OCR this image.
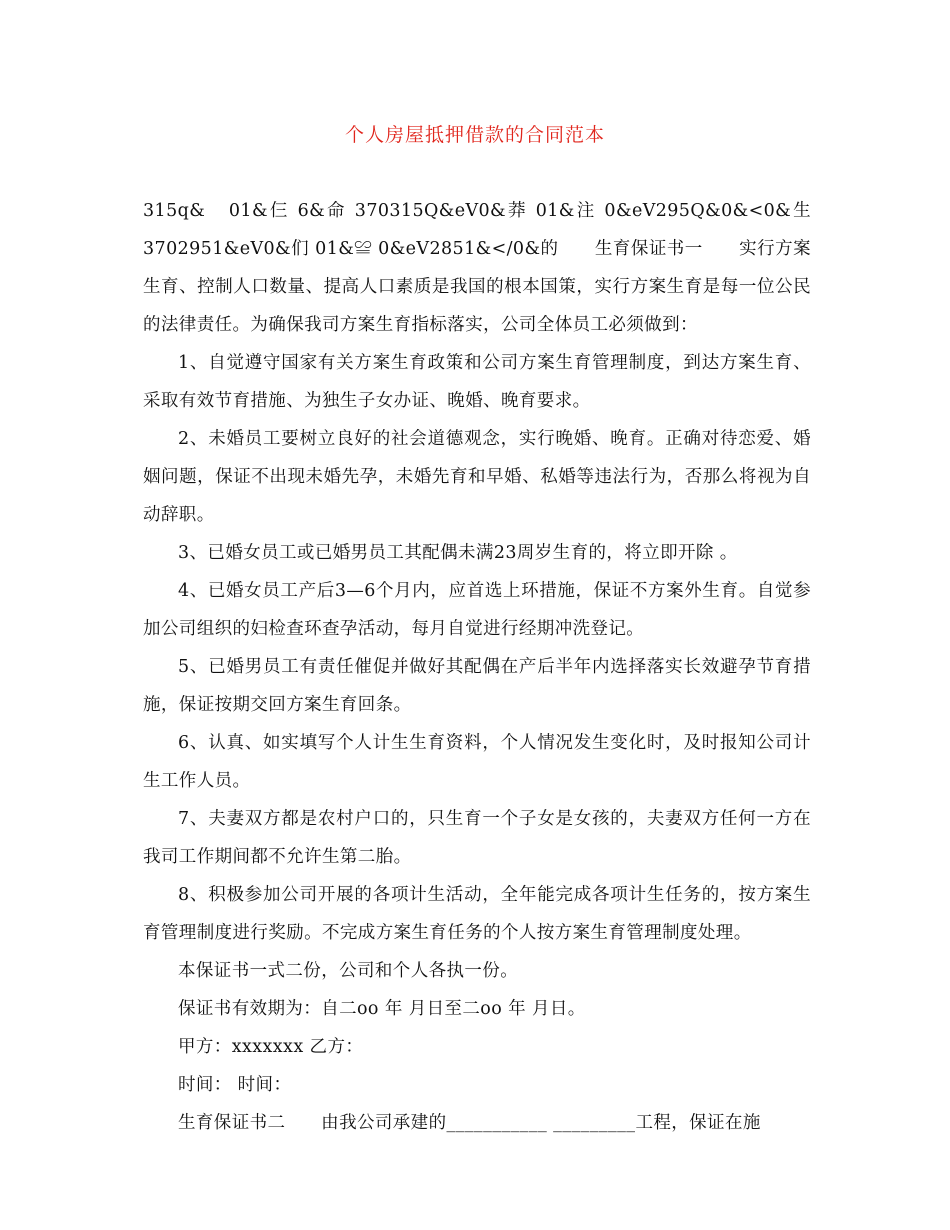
个人房屋抵押借款的合同范本

315q&   01&仨 6&命 370315Q&eV0&莽 01&注 0&eV295Q&0&<0&生 3702951&eV0&们 01&≌ 0&eV2851&</0&的      生育保证书一      实行方案生育、控制人口数量、提高人口素质是我国的根本国策，实行方案生育是每一位公民的法律责任。为确保我司方案生育指标落实，公司全体员工必须做到：

1、自觉遵守国家有关方案生育政策和公司方案生育管理制度，到达方案生育、采取有效节育措施、为独生子女办证、晚婚、晚育要求。

2、未婚员工要树立良好的社会道德观念，实行晚婚、晚育。正确对待恋爱、婚姻问题，保证不出现未婚先孕，未婚先育和早婚、私婚等违法行为，否那么将视为自动辞职。

3、已婚女员工或已婚男员工其配偶未满23周岁生育的，将立即开除 。

4、已婚女员工产后3—6个月内，应首选上环措施，保证不方案外生育。自觉参加公司组织的妇检查环查孕活动，每月自觉进行经期冲洗登记。

5、已婚男员工有责任催促并做好其配偶在产后半年内选择落实长效避孕节育措施，保证按期交回方案生育回条。

6、认真、如实填写个人计生生育资料，个人情况发生变化时，及时报知公司计生工作人员。

7、夫妻双方都是农村户口的，只生育一个子女是女孩的，夫妻双方任何一方在我司工作期间都不允许生第二胎。

8、积极参加公司开展的各项计生活动，全年能完成各项计生任务的，按方案生育管理制度进行奖励。不完成方案生育任务的个人按方案生育管理制度处理。

本保证书一式二份，公司和个人各执一份。

保证书有效期为：自二oo 年 月日至二oo 年 月日。

甲方：xxxxxxx 乙方：

时间： 时间：

生育保证书二      由我公司承建的___________ _________工程，保证在施
